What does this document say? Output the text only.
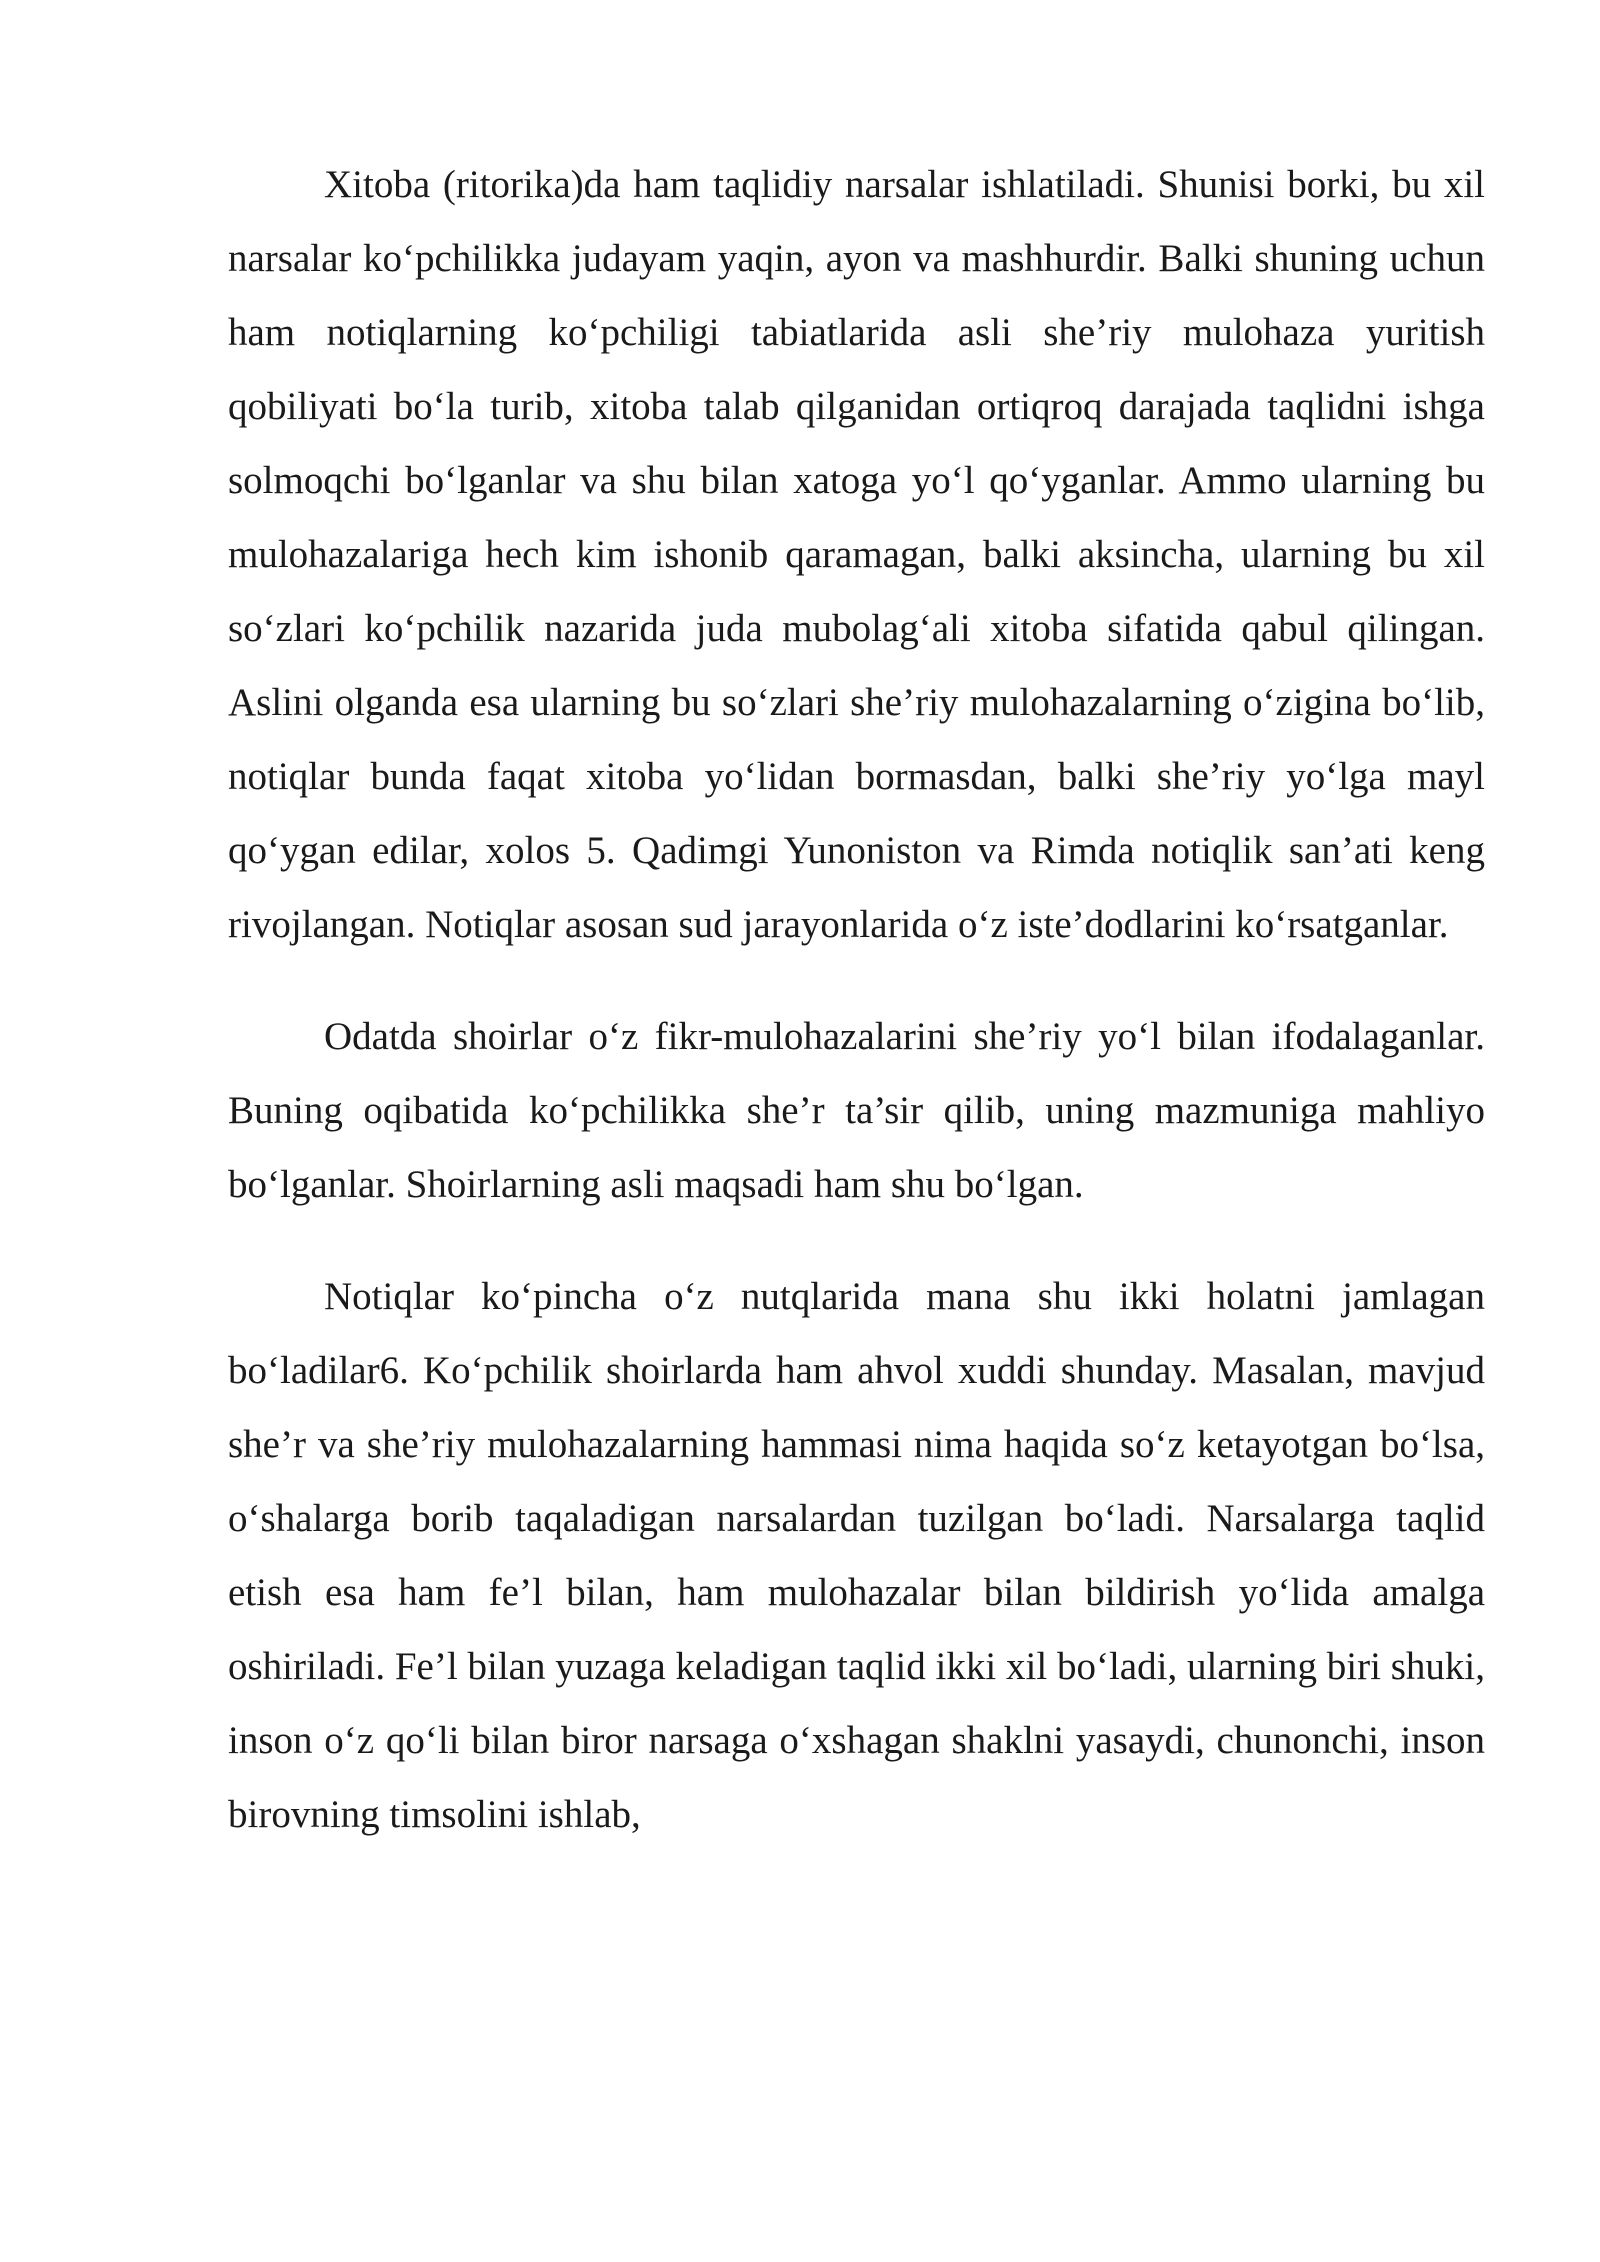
Xitoba (ritorika)da ham taqlidiy narsalar ishlatiladi. Shunisi borki, bu xil narsalar ko‘pchilikka judayam yaqin, ayon va mashhurdir. Balki shuning uchun ham notiqlarning ko‘pchiligi tabiatlarida asli she’riy mulohaza yuritish qobiliyati bo‘la turib, xitoba talab qilganidan ortiqroq darajada taqlidni ishga solmoqchi bo‘lganlar va shu bilan xatoga yo‘l qo‘yganlar. Ammo ularning bu mulohazalariga hech kim ishonib qaramagan, balki aksincha, ularning bu xil so‘zlari ko‘pchilik nazarida juda mubolag‘ali xitoba sifatida qabul qilingan. Aslini olganda esa ularning bu so‘zlari she’riy mulohazalarning o‘zigina bo‘lib, notiqlar bunda faqat xitoba yo‘lidan bormasdan, balki she’riy yo‘lga mayl qo‘ygan edilar, xolos 5. Qadimgi Yunoniston va Rimda notiqlik san’ati keng rivojlangan. Notiqlar asosan sud jarayonlarida o‘z iste’dodlarini ko‘rsatganlar.

Odatda shoirlar o‘z fikr-mulohazalarini she’riy yo‘l bilan ifodalaganlar. Buning oqibatida ko‘pchilikka she’r ta’sir qilib, uning mazmuniga mahliyo bo‘lganlar. Shoirlarning asli maqsadi ham shu bo‘lgan.

Notiqlar ko‘pincha o‘z nutqlarida mana shu ikki holatni jamlagan bo‘ladilar6. Ko‘pchilik shoirlarda ham ahvol xuddi shunday. Masalan, mavjud she’r va she’riy mulohazalarning hammasi nima haqida so‘z ketayotgan bo‘lsa, o‘shalarga borib taqaladigan narsalardan tuzilgan bo‘ladi. Narsalarga taqlid etish esa ham fe’l bilan, ham mulohazalar bilan bildirish yo‘lida amalga oshiriladi. Fe’l bilan yuzaga keladigan taqlid ikki xil bo‘ladi, ularning biri shuki, inson o‘z qo‘li bilan biror narsaga o‘xshagan shaklni yasaydi, chunonchi, inson birovning timsolini ishlab,
